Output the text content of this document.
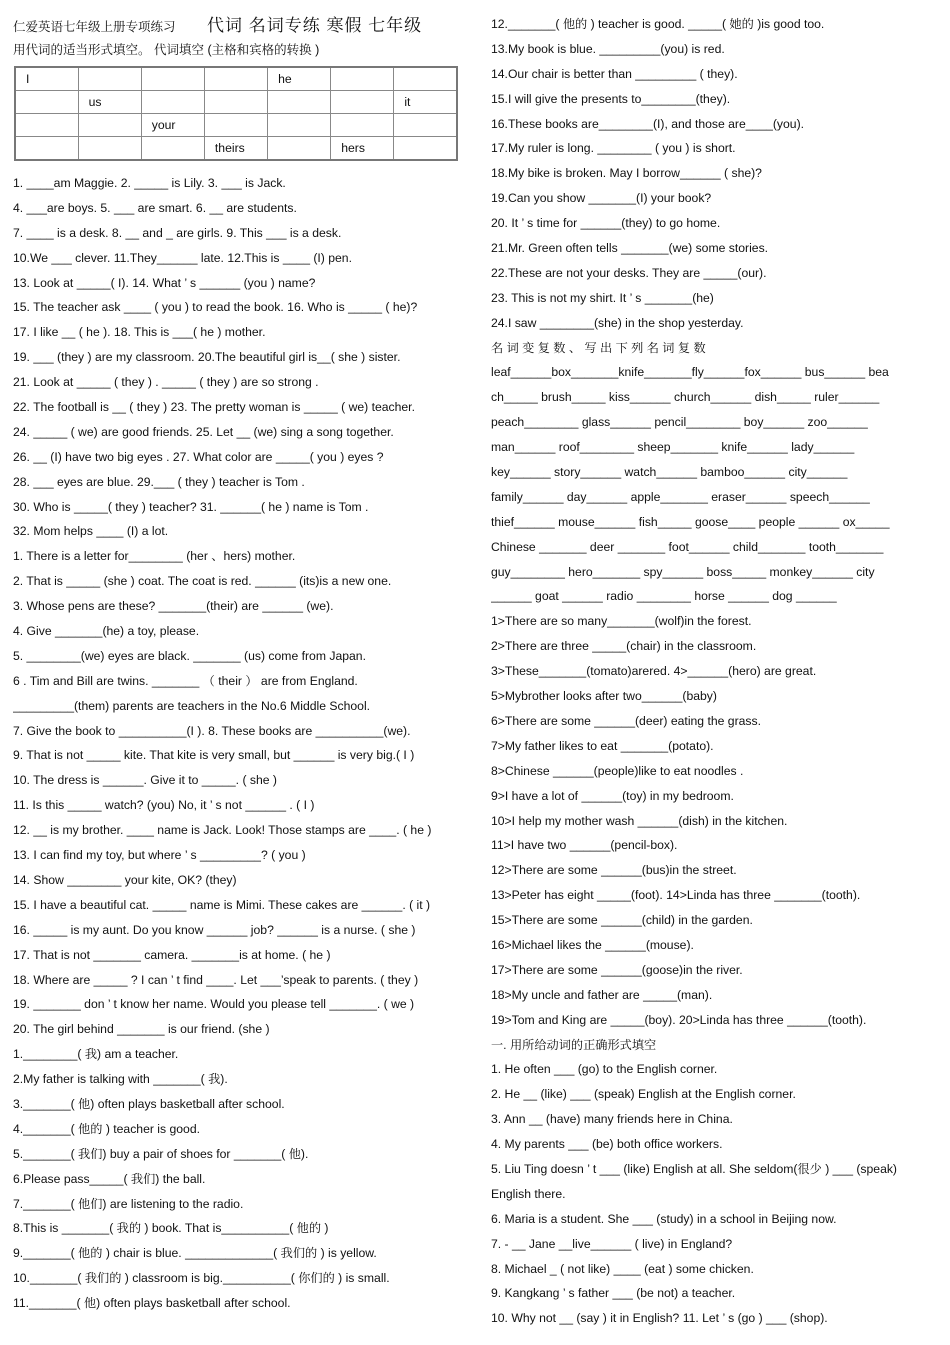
仁爱英语七年级上册专项练习 代词 名词专练 寒假 七年级
用代词的适当形式填空。 代词填空 (主格和宾格的转换 )
I				he		
	us					it
		your				
			theirs		hers	
1. ____am Maggie. 2. _____ is Lily. 3. ___ is Jack.
4. ___are boys. 5. ___ are smart. 6. __ are students.
7. ____ is a desk. 8. __ and _ are girls. 9. This ___ is a desk.
10.We ___ clever. 11.They______ late. 12.This is ____ (I) pen.
13. Look at _____( I). 14. What ’ s ______ (you ) name?
15. The teacher ask ____ ( you ) to read the book. 16. Who is _____ ( he)?
17. I like __ ( he ). 18. This is ___( he ) mother.
19. ___ (they ) are my classroom. 20.The beautiful girl is__( she ) sister.
21. Look at _____ ( they ) . _____ ( they ) are so strong .
22. The football is __ ( they ) 23. The pretty woman is _____ ( we) teacher.
24. _____ ( we) are good friends. 25. Let __ (we) sing a song together.
26. __ (I) have two big eyes . 27. What color are _____( you ) eyes ?
28. ___ eyes are blue. 29.___ ( they ) teacher is Tom .
30. Who is _____( they ) teacher? 31. ______( he ) name is Tom .
32. Mom helps ____ (I) a lot.
1. There is a letter for________ (her 、hers) mother.
2. That is _____ (she ) coat. The coat is red. ______ (its)is a new one.
3. Whose pens are these? _______(their) are ______ (we).
4. Give _______(he) a toy, please.
5. ________(we) eyes are black. _______ (us) come from Japan.
6 . Tim and Bill are twins. _______ （ their ） are from England.
_________(them) parents are teachers in the No.6 Middle School.
7. Give the book to __________(I ). 8. These books are __________(we).
9. That is not _____ kite. That kite is very small, but ______ is very big.( I )
10. The dress is ______. Give it to _____. ( she )
11. Is this _____ watch? (you) No, it ’ s not ______ . ( I )
12. __ is my brother. ____ name is Jack. Look! Those stamps are ____. ( he )
13. I can find my toy, but where ’ s _________? ( you )
14. Show ________ your kite, OK? (they)
15. I have a beautiful cat. _____ name is Mimi. These cakes are ______. ( it )
16. _____ is my aunt. Do you know ______ job? ______ is a nurse. ( she )
17. That is not _______ camera. _______is at home. ( he )
18. Where are _____ ? I can ’ t find ____. Let ___’speak to parents. ( they )
19. _______ don ’ t know her name. Would you please tell _______. ( we )
20. The girl behind _______ is our friend. (she )
1.________( 我) am a teacher.
2.My father is talking with _______( 我).
3._______( 他) often plays basketball after school.
4._______( 他的 ) teacher is good.
5._______( 我们) buy a pair of shoes for _______( 他).
6.Please pass_____( 我们) the ball.
7._______( 他们) are listening to the radio.
8.This is _______( 我的 ) book. That is__________( 他的 )
9._______( 他的 ) chair is blue. _____________( 我们的 ) is yellow.
10._______( 我们的 ) classroom is big.__________( 你们的 ) is small.
11._______( 他) often plays basketball after school.
12._______( 他的 ) teacher is good. _____( 她的 )is good too.
13.My book is blue. _________(you) is red.
14.Our chair is better than _________ ( they).
15.I will give the presents to________(they).
16.These books are________(I), and those are____(you).
17.My ruler is long. ________ ( you ) is short.
18.My bike is broken. May I borrow______ ( she)?
19.Can you show _______(I) your book?
20. It ’ s time for ______(they) to go home.
21.Mr. Green often tells _______(we) some stories.
22.These are not your desks. They are _____(our).
23. This is not my shirt. It ’ s _______(he)
24.I saw ________(she) in the shop yesterday.
名 词 变 复 数 、 写 出 下 列 名 词 复 数
leaf______box_______knife_______fly______fox______ bus______ bea
ch_____ brush_____ kiss______ church______ dish_____ ruler______
peach________ glass______ pencil________ boy______ zoo______
man______ roof________ sheep_______ knife______ lady______
key______ story______ watch______ bamboo______ city______
family______ day______ apple_______ eraser______ speech______
thief______ mouse______ fish_____ goose____ people ______ ox_____
Chinese _______ deer _______ foot______ child_______ tooth_______
guy________ hero_______ spy______ boss_____ monkey______ city
______ goat ______ radio ________ horse ______ dog ______
1>There are so many_______(wolf)in the forest.
2>There are three _____(chair) in the classroom.
3>These_______(tomato)arered. 4>______(hero) are great.
5>Mybrother looks after two______(baby)
6>There are some ______(deer) eating the grass.
7>My father likes to eat _______(potato).
8>Chinese ______(people)like to eat noodles .
9>I have a lot of ______(toy) in my bedroom.
10>I help my mother wash ______(dish) in the kitchen.
11>I have two ______(pencil-box).
12>There are some ______(bus)in the street.
13>Peter has eight _____(foot). 14>Linda has three _______(tooth).
15>There are some ______(child) in the garden.
16>Michael likes the ______(mouse).
17>There are some ______(goose)in the river.
18>My uncle and father are _____(man).
19>Tom and King are _____(boy). 20>Linda has three ______(tooth).
一. 用所给动词的正确形式填空
1. He often ___ (go) to the English corner.
2. He __ (like) ___ (speak) English at the English corner.
3. Ann __ (have) many friends here in China.
4. My parents ___ (be) both office workers.
5. Liu Ting doesn ’ t ___ (like) English at all. She seldom(很少 ) ___ (speak)
English there.
6. Maria is a student. She ___ (study) in a school in Beijing now.
7. - __ Jane __live______ ( live) in England?
8. Michael _ ( not like) ____ (eat ) some chicken.
9. Kangkang ’ s father ___ (be not) a teacher.
10. Why not __ (say ) it in English? 11. Let ’ s (go ) ___ (shop).
